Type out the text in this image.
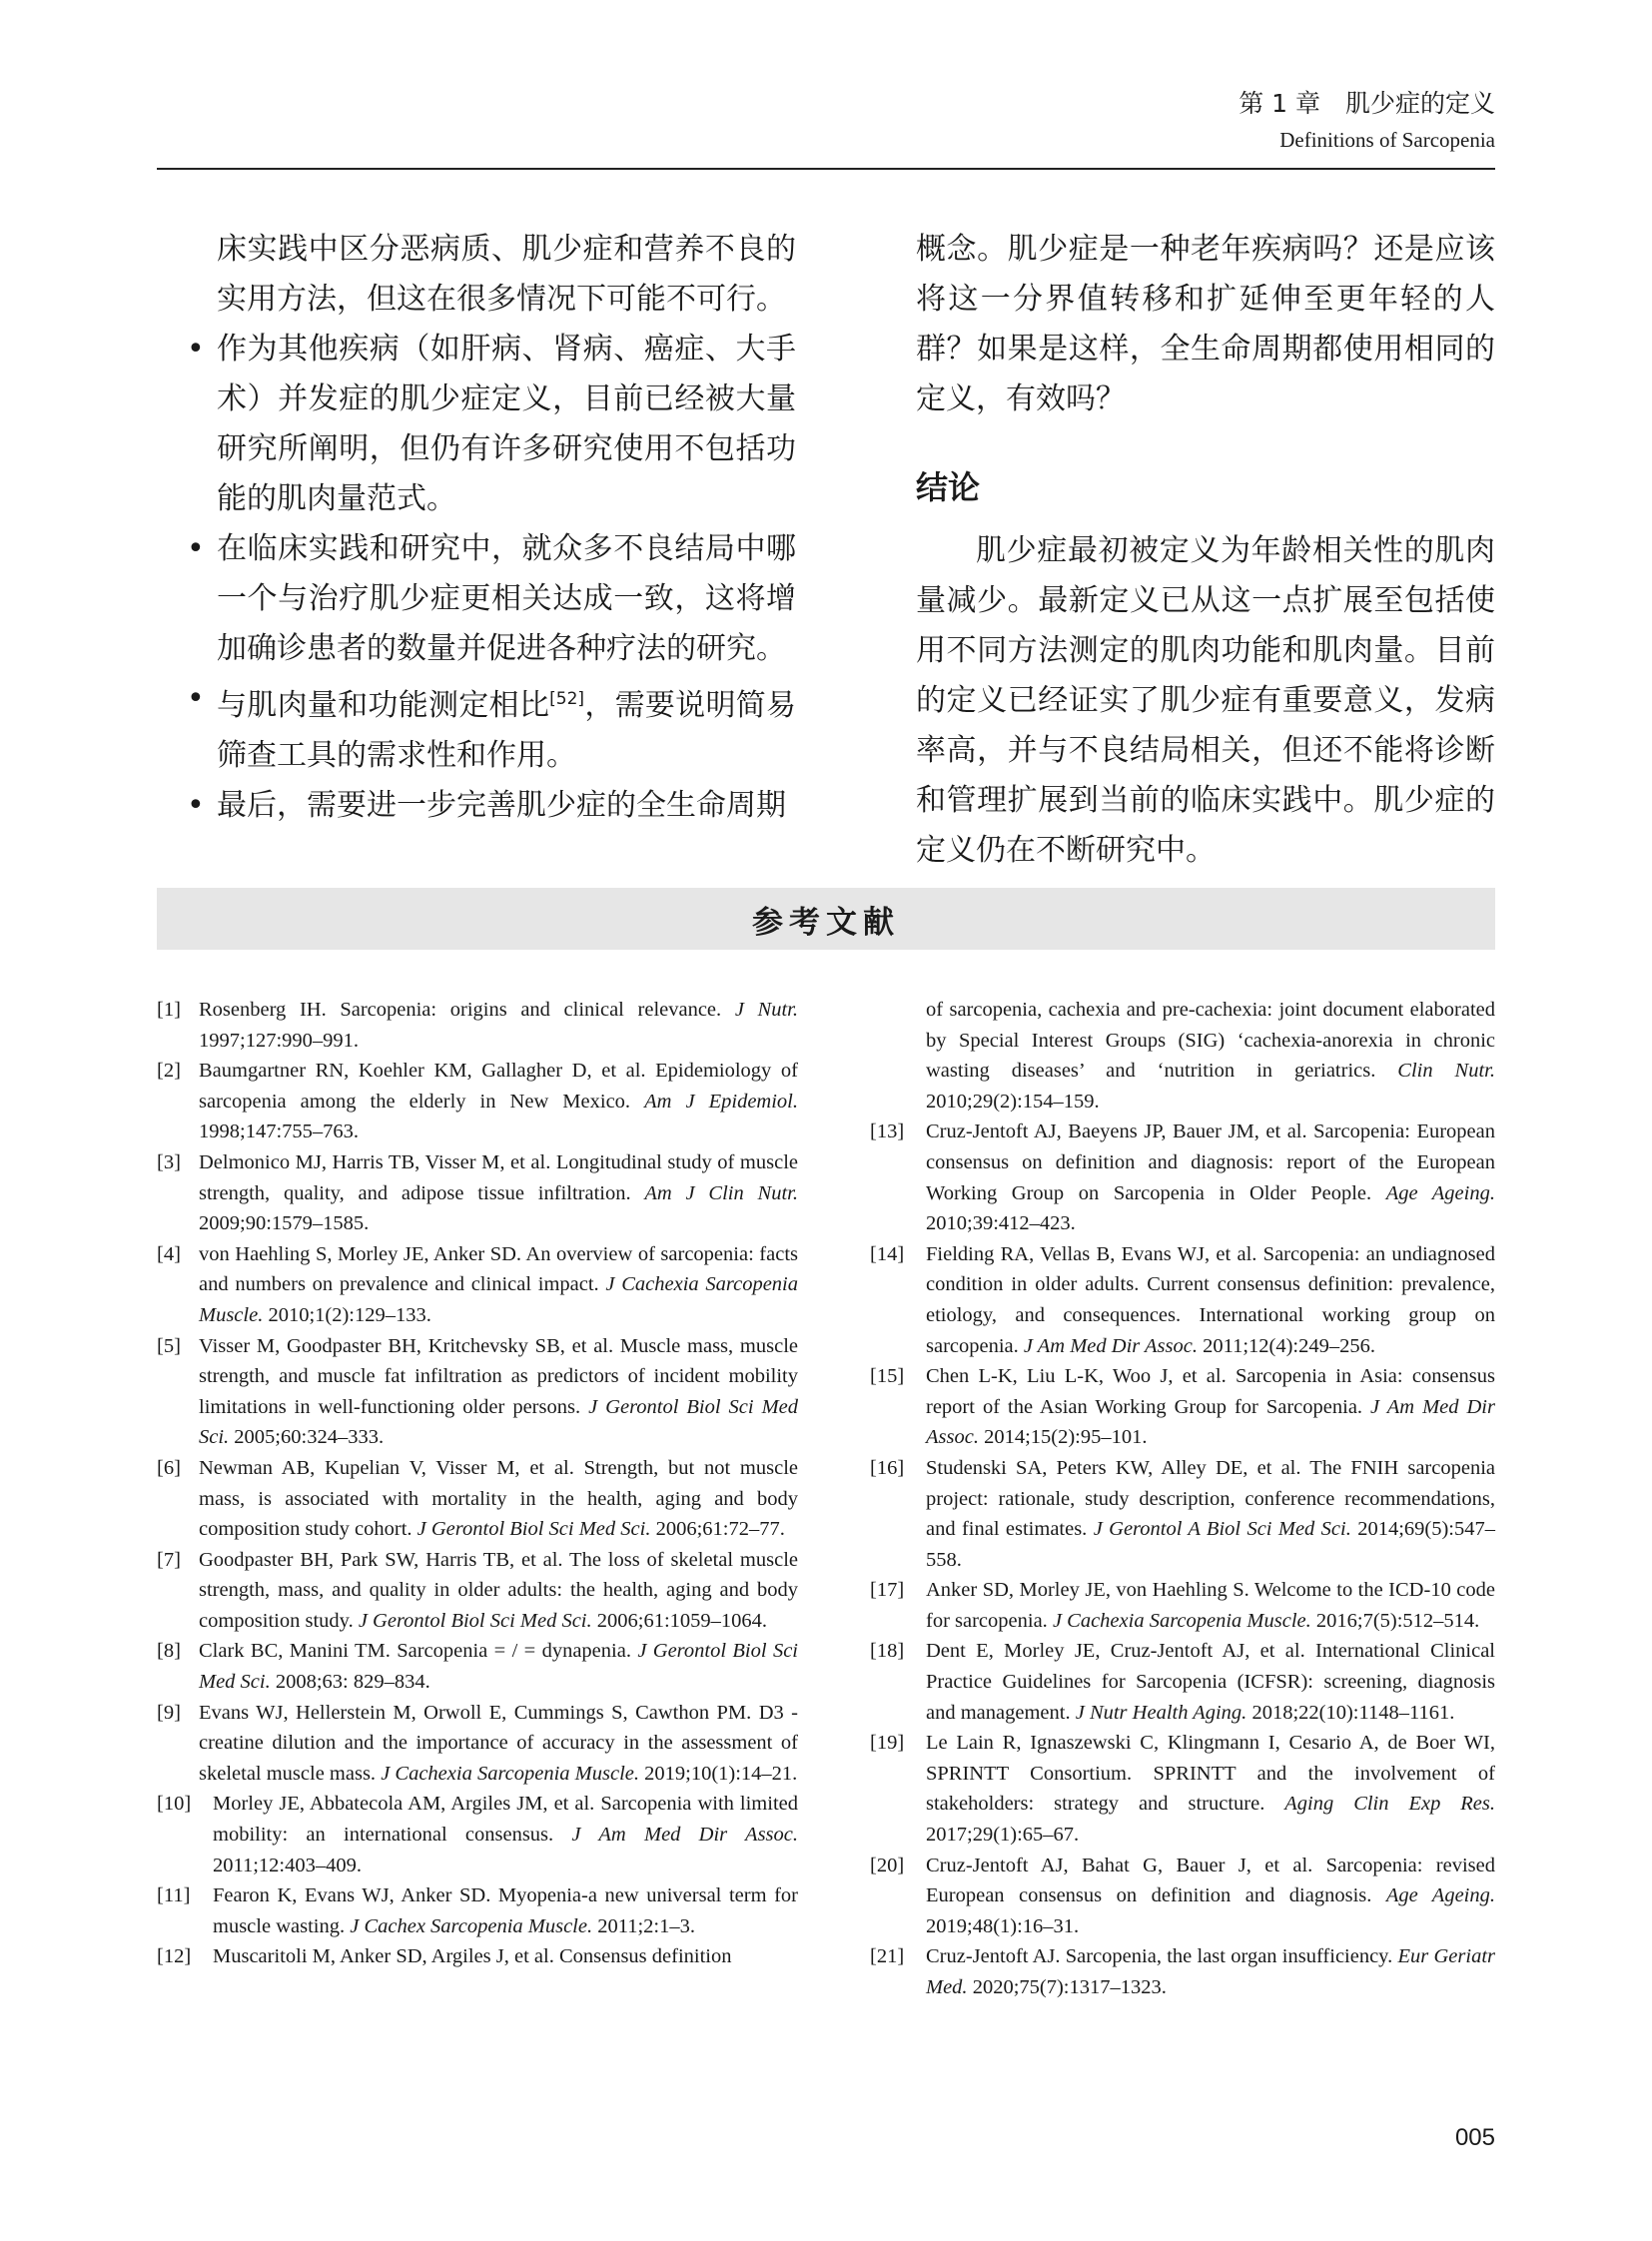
第 1 章　肌少症的定义
Definitions of Sarcopenia

床实践中区分恶病质、肌少症和营养不良的实用方法，但这在很多情况下可能不可行。

• 作为其他疾病（如肝病、肾病、癌症、大手术）并发症的肌少症定义，目前已经被大量研究所阐明，但仍有许多研究使用不包括功能的肌肉量范式。
• 在临床实践和研究中，就众多不良结局中哪一个与治疗肌少症更相关达成一致，这将增加确诊患者的数量并促进各种疗法的研究。
• 与肌肉量和功能测定相比[52]，需要说明简易筛查工具的需求性和作用。
• 最后，需要进一步完善肌少症的全生命周期

概念。肌少症是一种老年疾病吗？还是应该将这一分界值转移和扩延伸至更年轻的人群？如果是这样，全生命周期都使用相同的定义，有效吗？

结论

肌少症最初被定义为年龄相关性的肌肉量减少。最新定义已从这一点扩展至包括使用不同方法测定的肌肉功能和肌肉量。目前的定义已经证实了肌少症有重要意义，发病率高，并与不良结局相关，但还不能将诊断和管理扩展到当前的临床实践中。肌少症的定义仍在不断研究中。

参考文献

[1] Rosenberg IH. Sarcopenia: origins and clinical relevance. J Nutr. 1997;127:990–991.

[2] Baumgartner RN, Koehler KM, Gallagher D, et al. Epidemiology of sarcopenia among the elderly in New Mexico. Am J Epidemiol. 1998;147:755–763.

[3] Delmonico MJ, Harris TB, Visser M, et al. Longitudinal study of muscle strength, quality, and adipose tissue infiltration. Am J Clin Nutr. 2009;90:1579–1585.

[4] von Haehling S, Morley JE, Anker SD. An overview of sarcopenia: facts and numbers on prevalence and clinical impact. J Cachexia Sarcopenia Muscle. 2010;1(2):129–133.

[5] Visser M, Goodpaster BH, Kritchevsky SB, et al. Muscle mass, muscle strength, and muscle fat infiltration as predictors of incident mobility limitations in well-functioning older persons. J Gerontol Biol Sci Med Sci. 2005;60:324–333.

[6] Newman AB, Kupelian V, Visser M, et al. Strength, but not muscle mass, is associated with mortality in the health, aging and body composition study cohort. J Gerontol Biol Sci Med Sci. 2006;61:72–77.

[7] Goodpaster BH, Park SW, Harris TB, et al. The loss of skeletal muscle strength, mass, and quality in older adults: the health, aging and body composition study. J Gerontol Biol Sci Med Sci. 2006;61:1059–1064.

[8] Clark BC, Manini TM. Sarcopenia = / = dynapenia. J Gerontol Biol Sci Med Sci. 2008;63: 829–834.

[9] Evans WJ, Hellerstein M, Orwoll E, Cummings S, Cawthon PM. D3 -creatine dilution and the importance of accuracy in the assessment of skeletal muscle mass. J Cachexia Sarcopenia Muscle. 2019;10(1):14–21.

[10] Morley JE, Abbatecola AM, Argiles JM, et al. Sarcopenia with limited mobility: an international consensus. J Am Med Dir Assoc. 2011;12:403–409.

[11] Fearon K, Evans WJ, Anker SD. Myopenia-a new universal term for muscle wasting. J Cachex Sarcopenia Muscle. 2011;2:1–3.

[12] Muscaritoli M, Anker SD, Argiles J, et al. Consensus definition

of sarcopenia, cachexia and pre-cachexia: joint document elaborated by Special Interest Groups (SIG) ‘cachexia-anorexia in chronic wasting diseases’ and ‘nutrition in geriatrics. Clin Nutr. 2010;29(2):154–159.

[13] Cruz-Jentoft AJ, Baeyens JP, Bauer JM, et al. Sarcopenia: European consensus on definition and diagnosis: report of the European Working Group on Sarcopenia in Older People. Age Ageing. 2010;39:412–423.

[14] Fielding RA, Vellas B, Evans WJ, et al. Sarcopenia: an undiagnosed condition in older adults. Current consensus definition: prevalence, etiology, and consequences. International working group on sarcopenia. J Am Med Dir Assoc. 2011;12(4):249–256.

[15] Chen L-K, Liu L-K, Woo J, et al. Sarcopenia in Asia: consensus report of the Asian Working Group for Sarcopenia. J Am Med Dir Assoc. 2014;15(2):95–101.

[16] Studenski SA, Peters KW, Alley DE, et al. The FNIH sarcopenia project: rationale, study description, conference recommendations, and final estimates. J Gerontol A Biol Sci Med Sci. 2014;69(5):547–558.

[17] Anker SD, Morley JE, von Haehling S. Welcome to the ICD-10 code for sarcopenia. J Cachexia Sarcopenia Muscle. 2016;7(5):512–514.

[18] Dent E, Morley JE, Cruz-Jentoft AJ, et al. International Clinical Practice Guidelines for Sarcopenia (ICFSR): screening, diagnosis and management. J Nutr Health Aging. 2018;22(10):1148–1161.

[19] Le Lain R, Ignaszewski C, Klingmann I, Cesario A, de Boer WI, SPRINTT Consortium. SPRINTT and the involvement of stakeholders: strategy and structure. Aging Clin Exp Res. 2017;29(1):65–67.

[20] Cruz-Jentoft AJ, Bahat G, Bauer J, et al. Sarcopenia: revised European consensus on definition and diagnosis. Age Ageing. 2019;48(1):16–31.

[21] Cruz-Jentoft AJ. Sarcopenia, the last organ insufficiency. Eur Geriatr Med. 2020;75(7):1317–1323.

005
